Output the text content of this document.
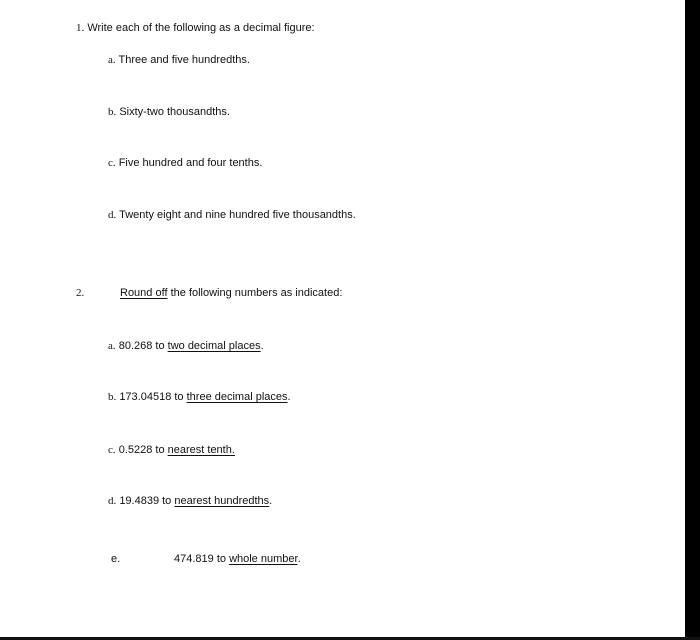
1. Write each of the following as a decimal figure:
a. Three and five hundredths.
b. Sixty-two thousandths.
c. Five hundred and four tenths.
d. Twenty eight and nine hundred five thousandths.
2.	Round off the following numbers as indicated:
a. 80.268 to two decimal places.
b. 173.04518 to three decimal places.
c. 0.5228 to nearest tenth.
d. 19.4839 to nearest hundredths.
e.	474.819 to whole number.
